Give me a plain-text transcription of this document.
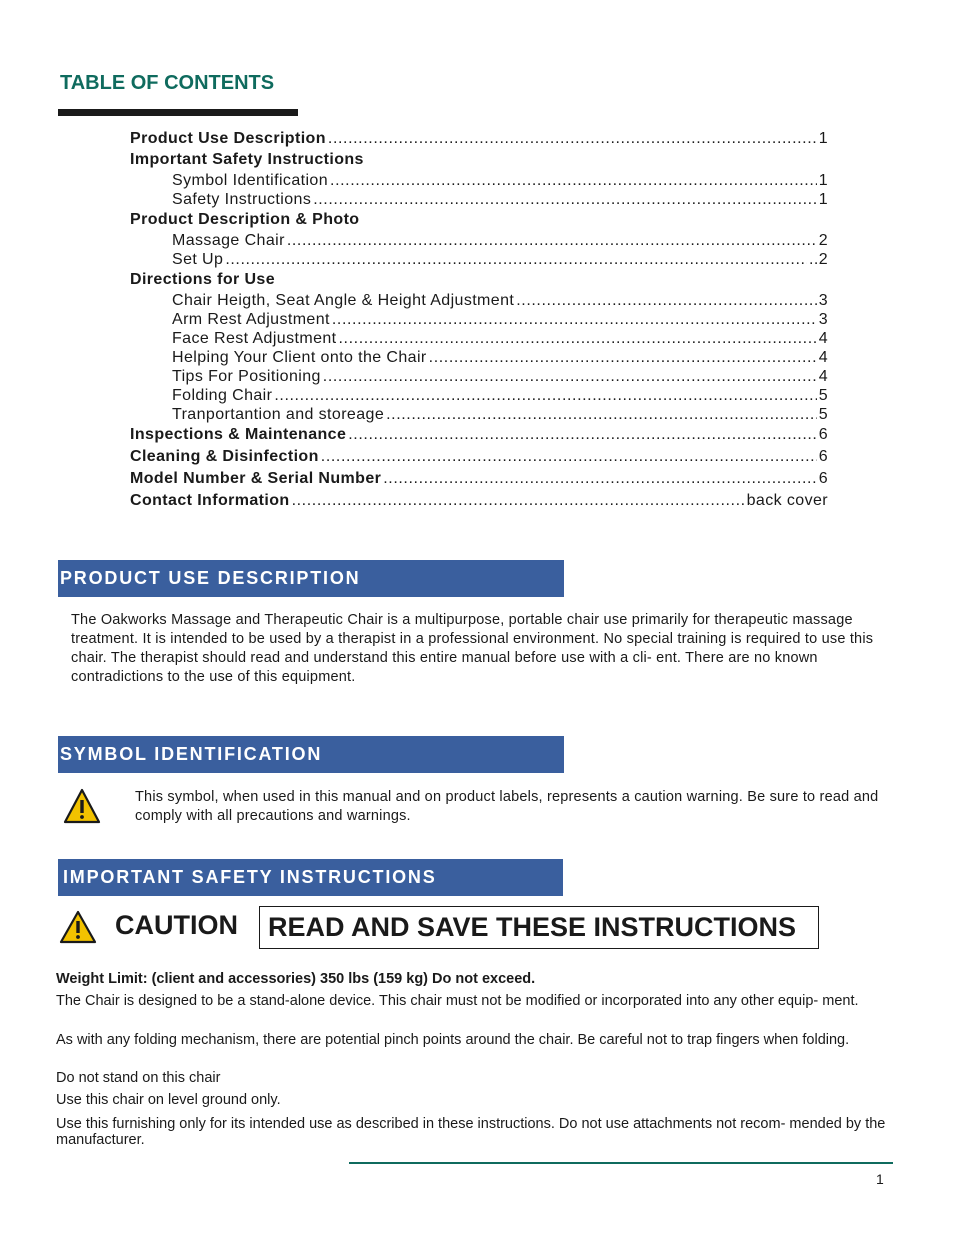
TABLE OF CONTENTS
Product Use Description .....	1
Important Safety Instructions
Symbol Identification .....	1
Safety Instructions .....	1
Product Description & Photo
Massage Chair .....	2
Set Up .....	..2
Directions for Use
Chair Heigth, Seat Angle & Height Adjustment .....	3
Arm Rest Adjustment .....	3
Face Rest Adjustment .....	4
Helping Your Client onto the Chair .....	4
Tips For Positioning .....	4
Folding Chair .....	5
Tranportantion and storeage .....	5
Inspections & Maintenance .....	6
Cleaning & Disinfection .....	6
Model Number & Serial Number .....	6
Contact Information .....	back cover
PRODUCT USE DESCRIPTION
The Oakworks Massage and Therapeutic Chair is a multipurpose, portable chair use primarily for therapeutic massage treatment. It is intended to be used by a therapist in a professional environment. No special training is required to use this chair. The therapist should read and understand this entire manual before use with a cli- ent. There are no known contradictions to the use of this equipment.
SYMBOL IDENTIFICATION
This symbol, when used in this manual and on product labels, represents a caution warning. Be sure to read and comply with all precautions and warnings.
IMPORTANT SAFETY INSTRUCTIONS
CAUTION	READ AND SAVE THESE INSTRUCTIONS
Weight Limit: (client and accessories) 350 lbs (159 kg) Do not exceed.
The Chair is designed to be a stand-alone device. This chair must not be modified or incorporated into any other equip- ment.
As with any folding mechanism, there are potential pinch points around the chair. Be careful not to trap fingers when folding.
Do not stand on this chair
Use this chair on level ground only.
Use this furnishing only for its intended use as described in these instructions. Do not use attachments not recom- mended by the manufacturer.
1
